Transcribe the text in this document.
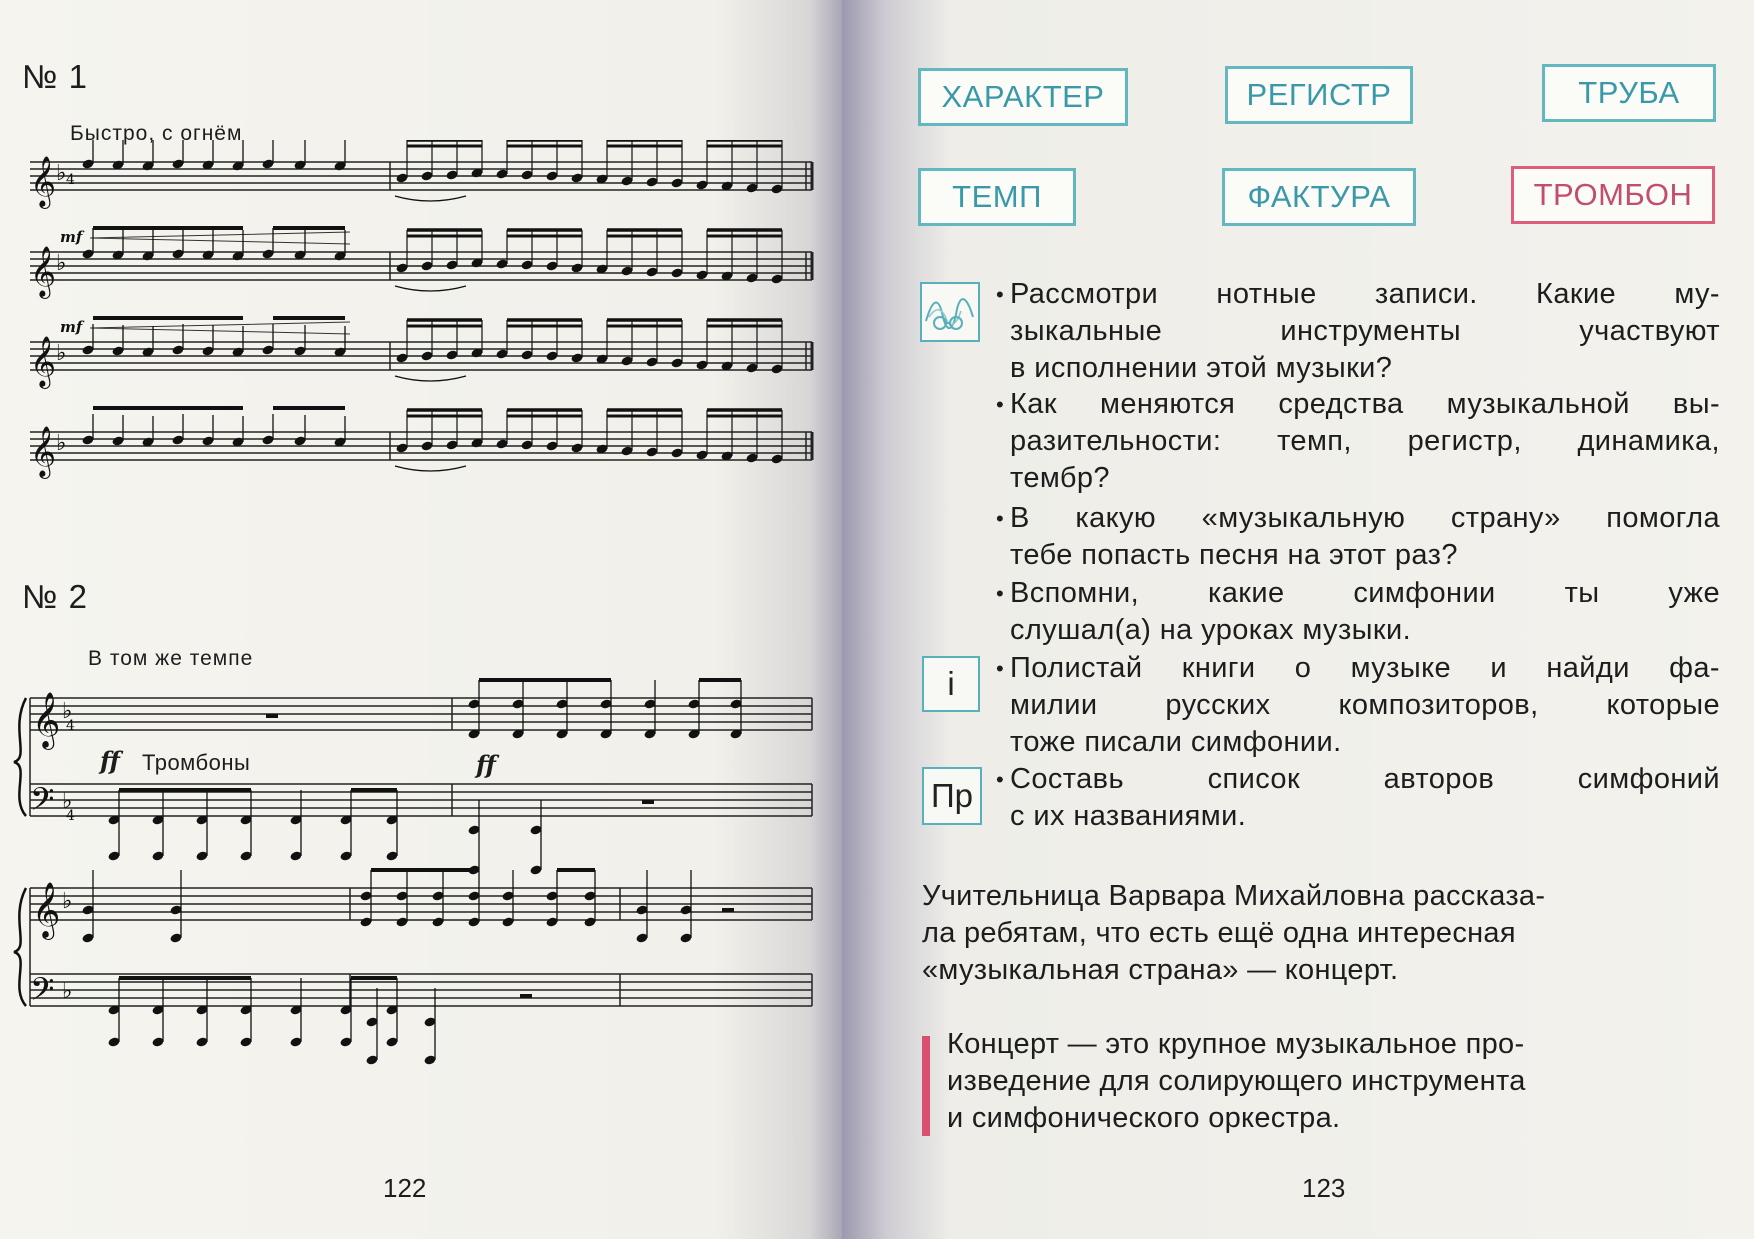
№ 1
Быстро, с огнём
𝄞 ♭ 4
𝄞 ♭
mf
𝄞 ♭
mf
𝄞 ♭
№ 2
В том же темпе
𝄞
𝄢
♭
♭
𝄞
𝄢
♭
♭
4
4
ff Тромбоны	ff
122
ХАРАКТЕР	РЕГИСТР	ТРУБА
ТЕМП	ФАКТУРА	ТРОМБОН
i
Пр
• Рассмотри нотные записи. Какие му-
зыкальные инструменты участвуют
в исполнении этой музыки?
• Как меняются средства музыкальной вы-
разительности: темп, регистр, динамика,
тембр?
• В какую «музыкальную страну» помогла
тебе попасть песня на этот раз?
• Вспомни, какие симфонии ты уже
слушал(а) на уроках музыки.
• Полистай книги о музыке и найди фа-
милии русских композиторов, которые
тоже писали симфонии.
• Составь список авторов симфоний
с их названиями.
Учительница Варвара Михайловна рассказа-
ла ребятам, что есть ещё одна интересная
«музыкальная страна» — концерт.
Концерт — это крупное музыкальное про-
изведение для солирующего инструмента
и симфонического оркестра.
123
